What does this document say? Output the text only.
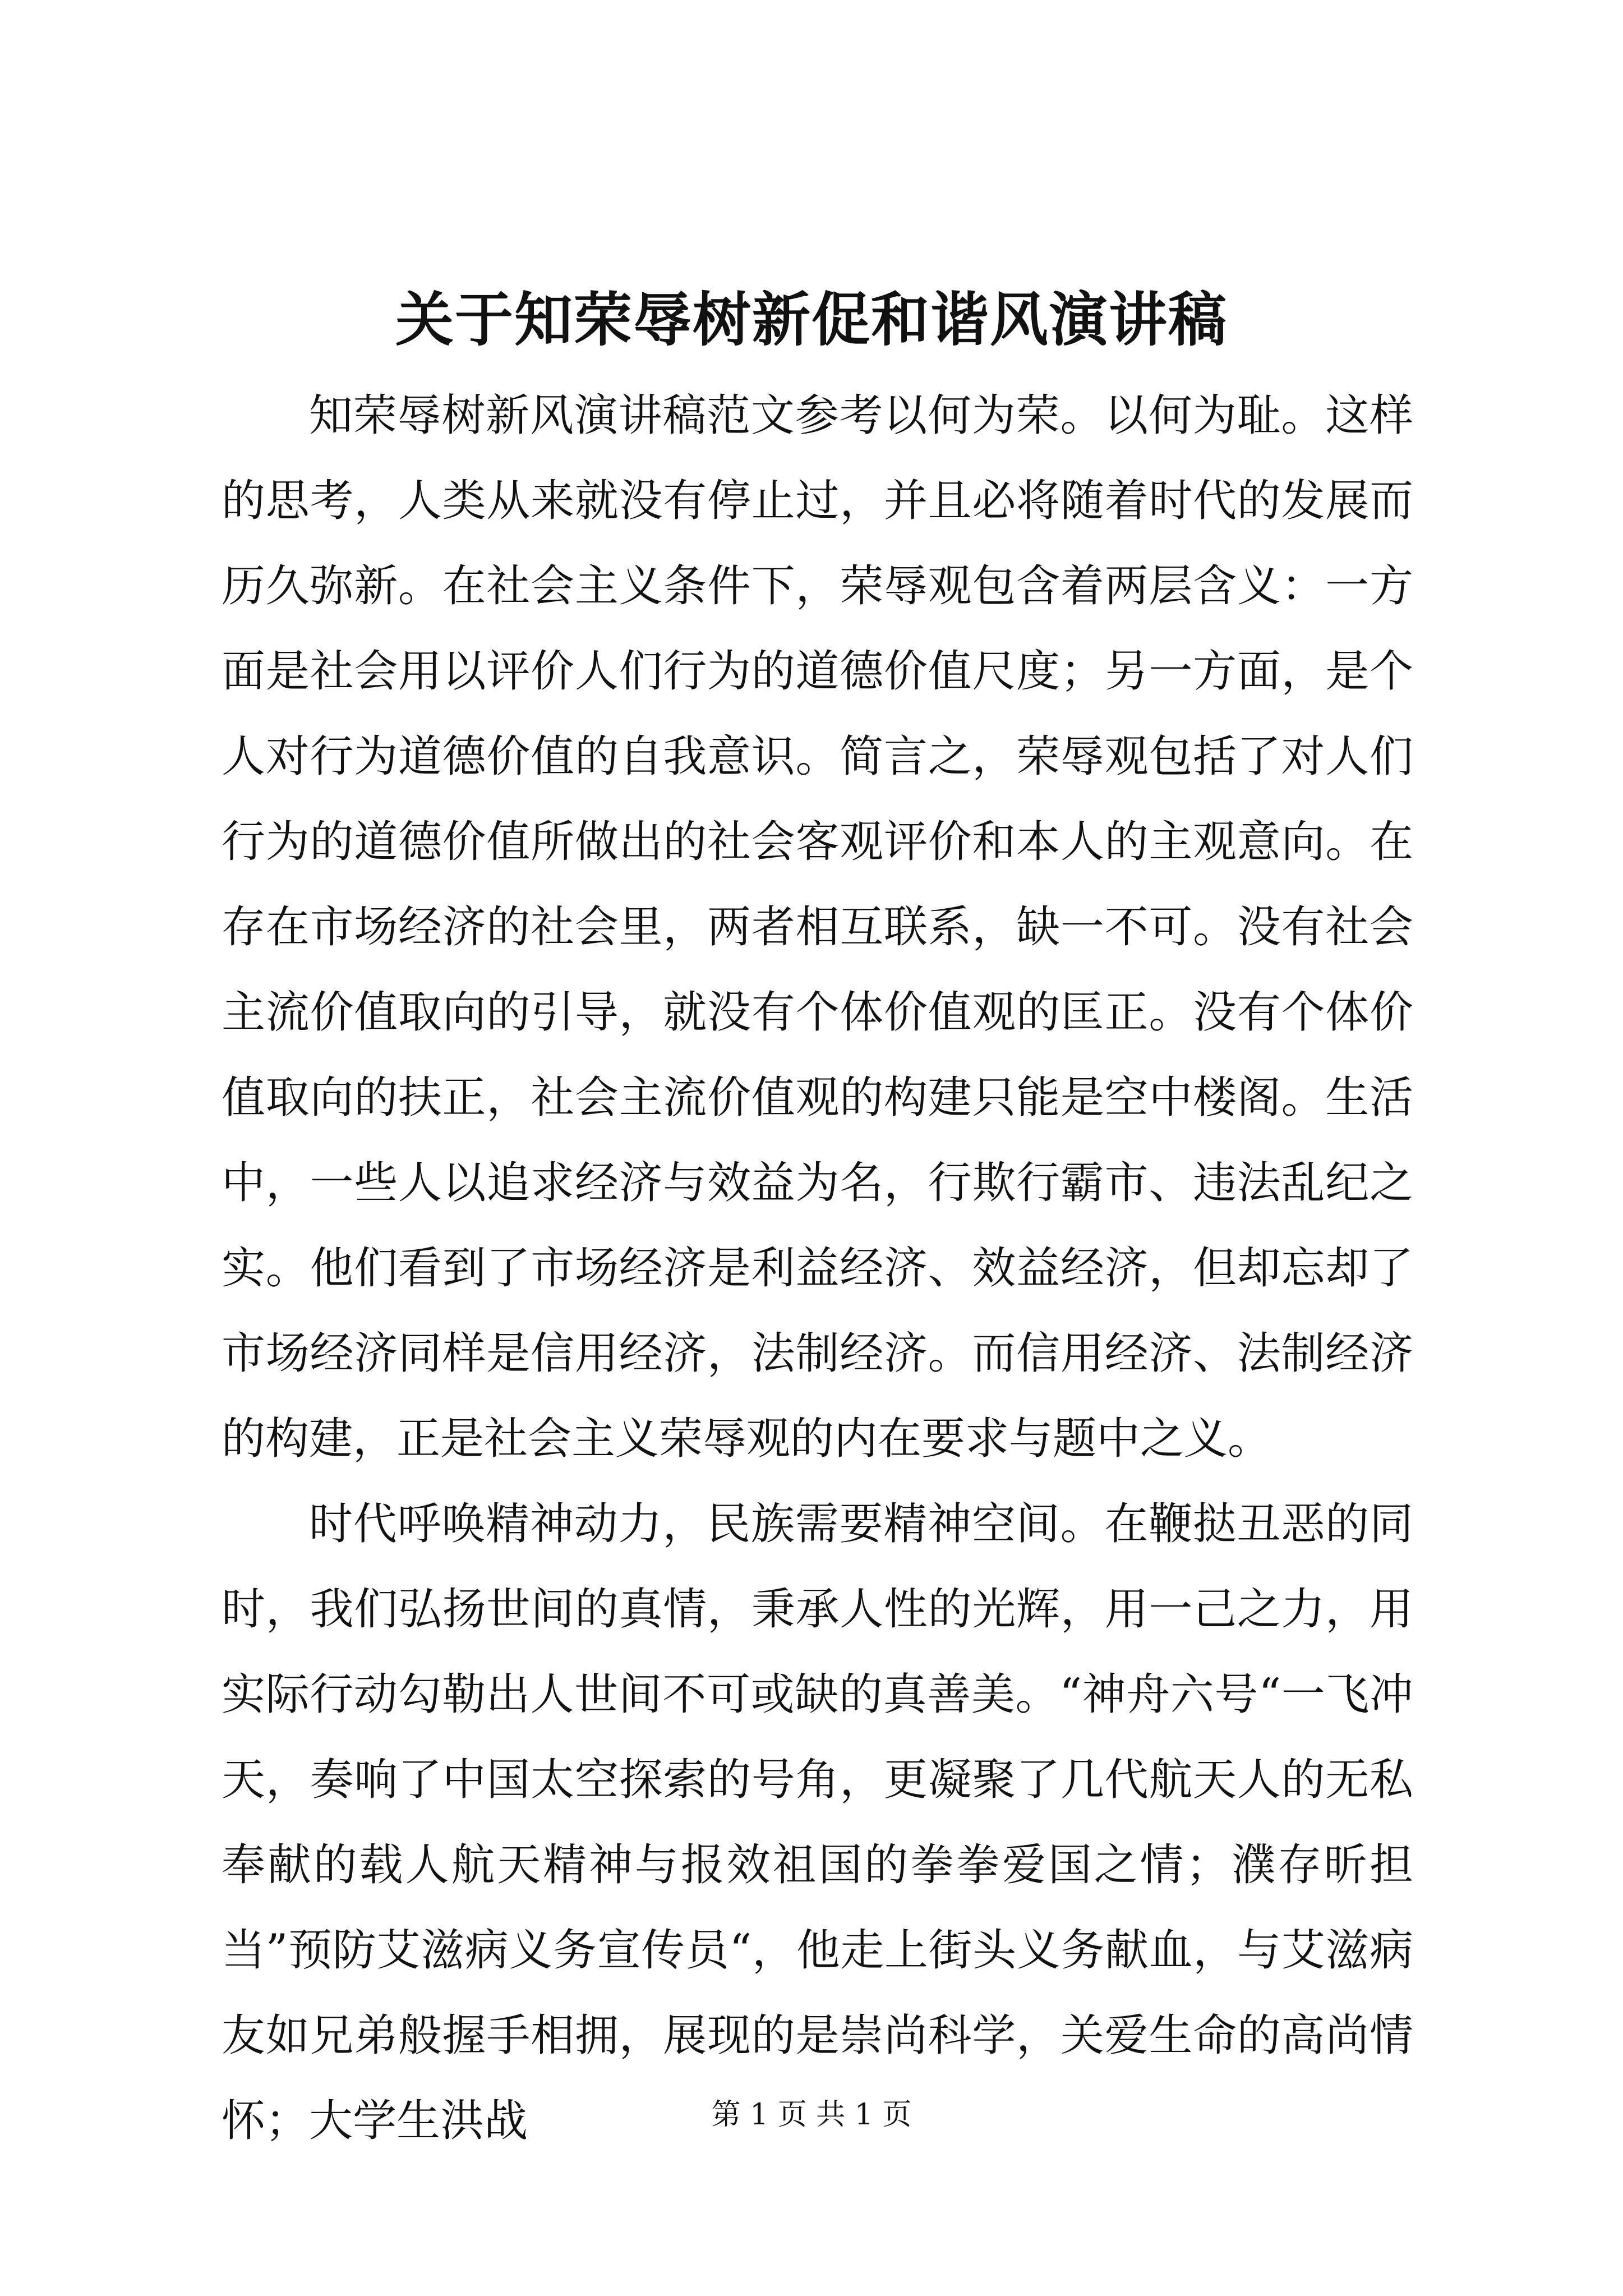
关于知荣辱树新促和谐风演讲稿

知荣辱树新风演讲稿范文参考以何为荣。以何为耻。这样的思考，人类从来就没有停止过，并且必将随着时代的发展而历久弥新。在社会主义条件下，荣辱观包含着两层含义：一方面是社会用以评价人们行为的道德价值尺度；另一方面，是个人对行为道德价值的自我意识。简言之，荣辱观包括了对人们行为的道德价值所做出的社会客观评价和本人的主观意向。在存在市场经济的社会里，两者相互联系，缺一不可。没有社会主流价值取向的引导，就没有个体价值观的匡正。没有个体价值取向的扶正，社会主流价值观的构建只能是空中楼阁。生活中，一些人以追求经济与效益为名，行欺行霸市、违法乱纪之实。他们看到了市场经济是利益经济、效益经济，但却忘却了市场经济同样是信用经济，法制经济。而信用经济、法制经济的构建，正是社会主义荣辱观的内在要求与题中之义。

时代呼唤精神动力，民族需要精神空间。在鞭挞丑恶的同时，我们弘扬世间的真情，秉承人性的光辉，用一己之力，用实际行动勾勒出人世间不可或缺的真善美。“神舟六号“一飞冲天，奏响了中国太空探索的号角，更凝聚了几代航天人的无私奉献的载人航天精神与报效祖国的拳拳爱国之情；濮存昕担当”预防艾滋病义务宣传员“，他走上街头义务献血，与艾滋病友如兄弟般握手相拥，展现的是崇尚科学，关爱生命的高尚情怀；大学生洪战	第 1 页 共 1 页
